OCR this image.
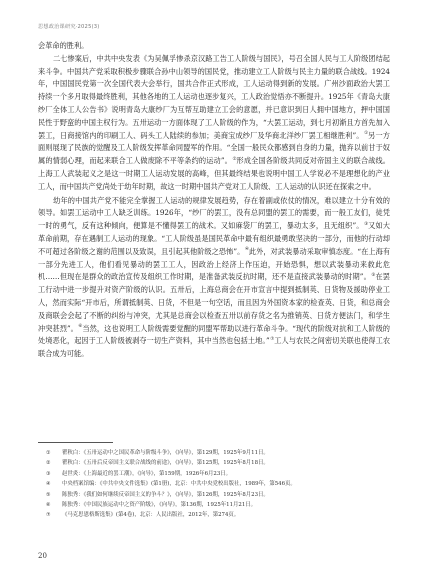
思想政治课研究·2025(3)

会革命的胜利。

二七惨案后，中共中央发表《为吴佩孚惨杀京汉路工告工人阶级与国民》，号召全国人民与工人阶级团结起来斗争。中国共产党采取积极步骤联合孙中山领导的国民党，推动建立工人阶级与民主力量的联合战线。1924年，中国国民党第一次全国代表大会举行，国共合作正式形成，工人运动得到新的发展。广州沙面政治大罢工持续一个多月取得最终胜利，其他各地的工人运动也逐步复兴，工人政治觉悟亦不断提升。1925年《青岛大康纱厂全体工人公告书》说明青岛大康纱厂为互帮互助建立工会的意愿，并已意识到日人拥中国地方，押中国国民性于野蛮的中国主权行为。五卅运动一方面体现了工人阶级的作为，“大罢工运动，到七月初渐且方首先加入罢工，日商接馆内的印刷工人、码头工人陆续的参加；美商宝成纱厂及华商北洋纱厂罢工相继胜利”。①另一方面则展现了民族的觉醒及工人阶级发挥革命同盟军的作用。“全国一般民众都感到自身的力量，抛弃以前甘于奴属的情弱心理，而起来联合工人做废除不平等条约的运动”。②形成全国各阶级共同反对帝国主义的联合战线。上海工人武装起义之是这一时期工人运动发展的高峰，但其最终结果也说明中国工人学说必不是理想化的产业工人，而中国共产党尚处于幼年时期，故这一时期中国共产党对工人阶级、工人运动的认识还在探索之中。

幼年的中国共产党不能完全掌握工人运动的规律发展趋势，存在着副或依仗的情况，难以建立十分有效的领导。如罢工运动中工人缺乏训练。1926年，“纱厂的罢工，没有总同盟的罢工的需要，而一般工友们，徒凭一时的勇气，反有这种倾向，便算是不懂得罢工的战术。又如麻袋厂的罢工，暴动太多，且无组织”。③又如大革命前期，存在遇制工人运动的现象。“工人阶级虽是国民革命中最有组织最勇敢坚决的一部分，而他的行动却不可超过各阶级之谢的范围以及致误，且引起其他阶级之恐怖”。④此外，对武装暴动采取审慎态度。“在上海有一部分先进工人，他们看见暴动的罢工工人，因政治上经济上作压迫，开始恐惧，想以武装暴动来救此危机……但现在是群众的政治宣传及组织工作时期，是准备武装反抗时期，还不是直接武装暴动的时期”。⑤在罢工行动中进一步提升对资产阶级的认识。五卅后，上海总商会在开市宣言中提到抵制英、日货物及援助停业工人，然而实际“开市后，所谓抵制英、日货，不但是一句空话，而且因为外国资本家的检查英、日货，和总商会及商联会会起了不断的纠纷与冲突，尤其是总商会以检查五卅以前存货之名为推销英、日货方便法门，和学生冲突甚烈”。⑥当然，这也说明工人阶级需要觉醒的同盟军帮助以进行革命斗争。“现代的阶级对抗和工人阶级的处境恶化，起因于工人阶级被剥夺一切生产资料，其中当然也包括土地。”⑦工人与农民之间密切关联也使得工农联合成为可能。

① 瞿秋白：《五卅运动中之国民革命与阶级斗争》，《向导》，第129期，1925年9月11日。
② 瞿秋白：《五卅后反帝国主义联合战线的前途》，《向导》，第125期，1925年8月18日。
③ 赵世炎：《上海最近的罢工潮》，《向导》，第159期，1926年6月23日。
④ 中央档案馆编：《中共中央文件选集》(第1册)，北京：中共中央党校出版社，1989年，第546页。
⑤ 陈独秀：《我们如何继续反帝国主义的争斗？》，《向导》，第126期，1925年8月23日。
⑥ 陈独秀：《中国民族运动中之资产阶级》，《向导》，第136期，1925年11月21日。
⑦ 《马克思恩格斯选集》(第4卷)，北京：人民出版社，2012年，第274页。
20
